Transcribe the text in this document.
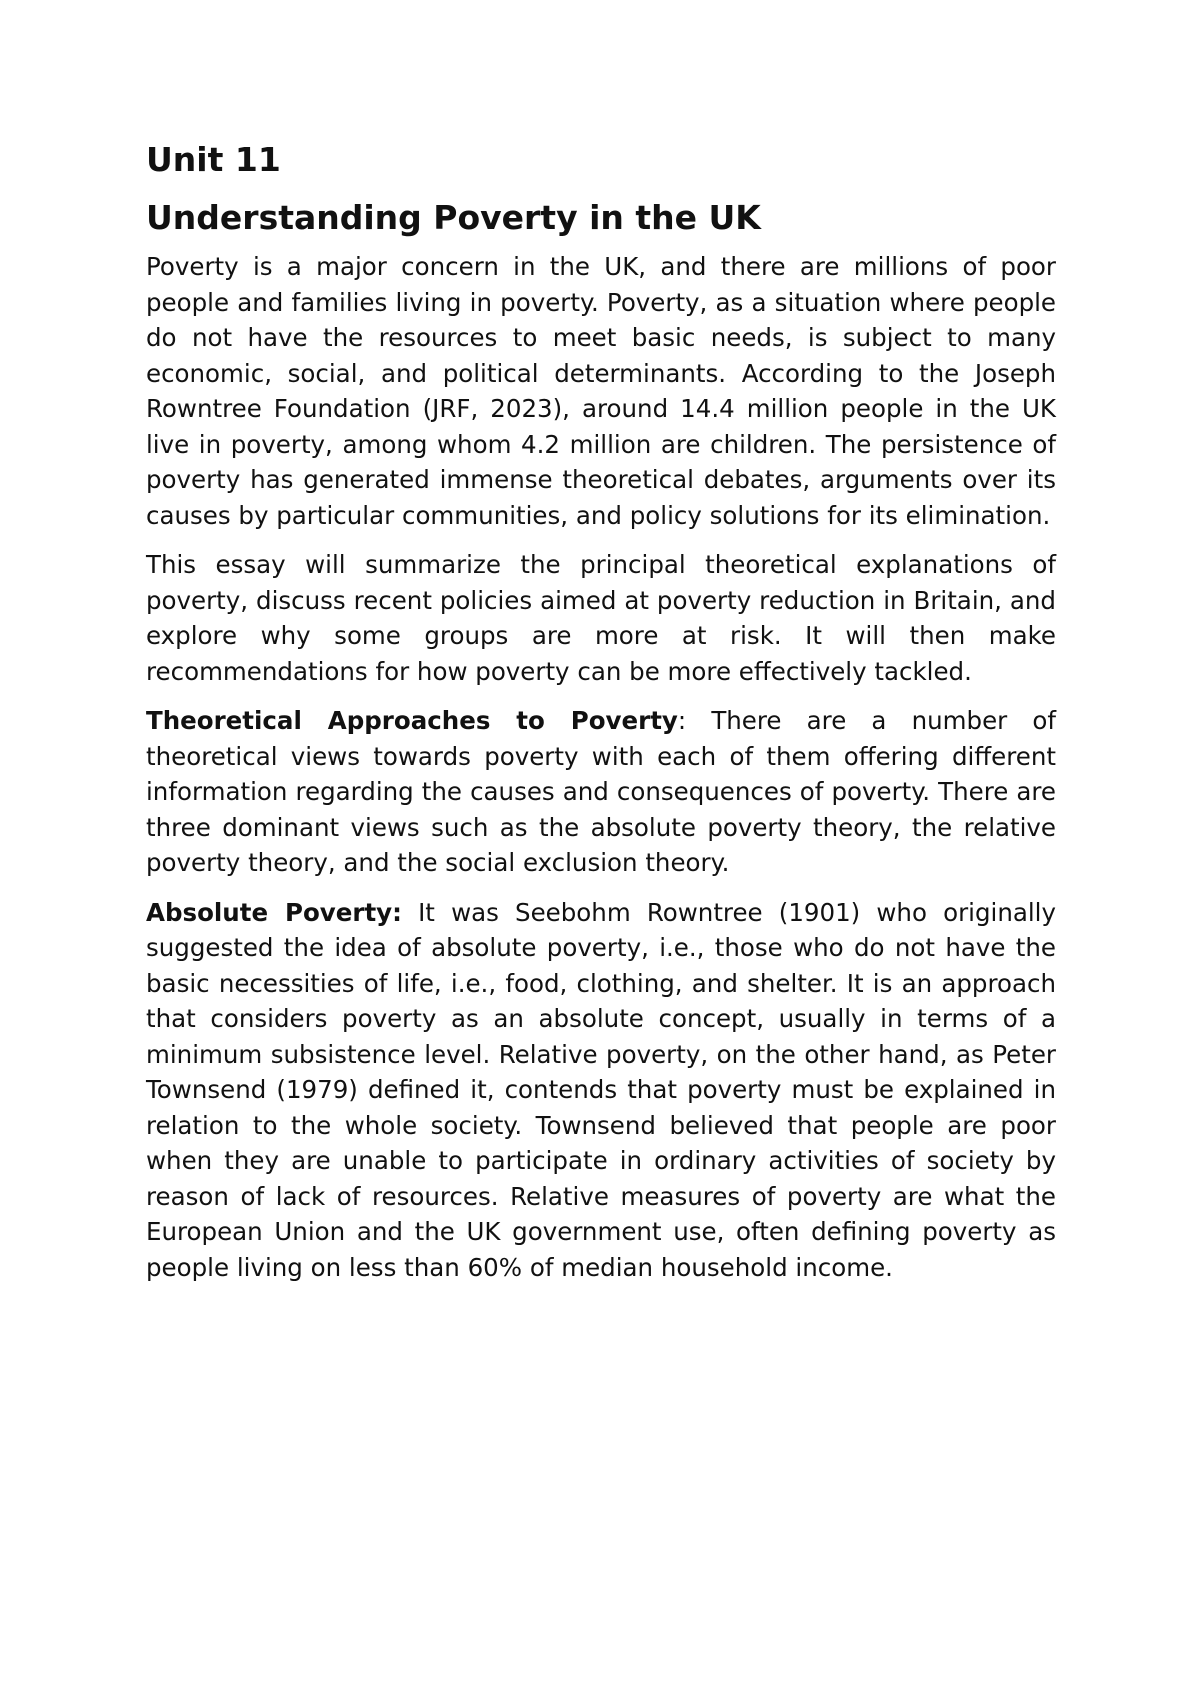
Unit 11
Understanding Poverty in the UK

Poverty is a major concern in the UK, and there are millions of poor people and families living in poverty. Poverty, as a situation where people do not have the resources to meet basic needs, is subject to many economic, social, and political determinants. According to the Joseph Rowntree Foundation (JRF, 2023), around 14.4 million people in the UK live in poverty, among whom 4.2 million are children. The persistence of poverty has generated immense theoretical debates, arguments over its causes by particular communities, and policy solutions for its elimination.

This essay will summarize the principal theoretical explanations of poverty, discuss recent policies aimed at poverty reduction in Britain, and explore why some groups are more at risk. It will then make recommendations for how poverty can be more effectively tackled.

Theoretical Approaches to Poverty: There are a number of theoretical views towards poverty with each of them offering different information regarding the causes and consequences of poverty. There are three dominant views such as the absolute poverty theory, the relative poverty theory, and the social exclusion theory.

Absolute Poverty: It was Seebohm Rowntree (1901) who originally suggested the idea of absolute poverty, i.e., those who do not have the basic necessities of life, i.e., food, clothing, and shelter. It is an approach that considers poverty as an absolute concept, usually in terms of a minimum subsistence level. Relative poverty, on the other hand, as Peter Townsend (1979) defined it, contends that poverty must be explained in relation to the whole society. Townsend believed that people are poor when they are unable to participate in ordinary activities of society by reason of lack of resources. Relative measures of poverty are what the European Union and the UK government use, often defining poverty as people living on less than 60% of median household income.
